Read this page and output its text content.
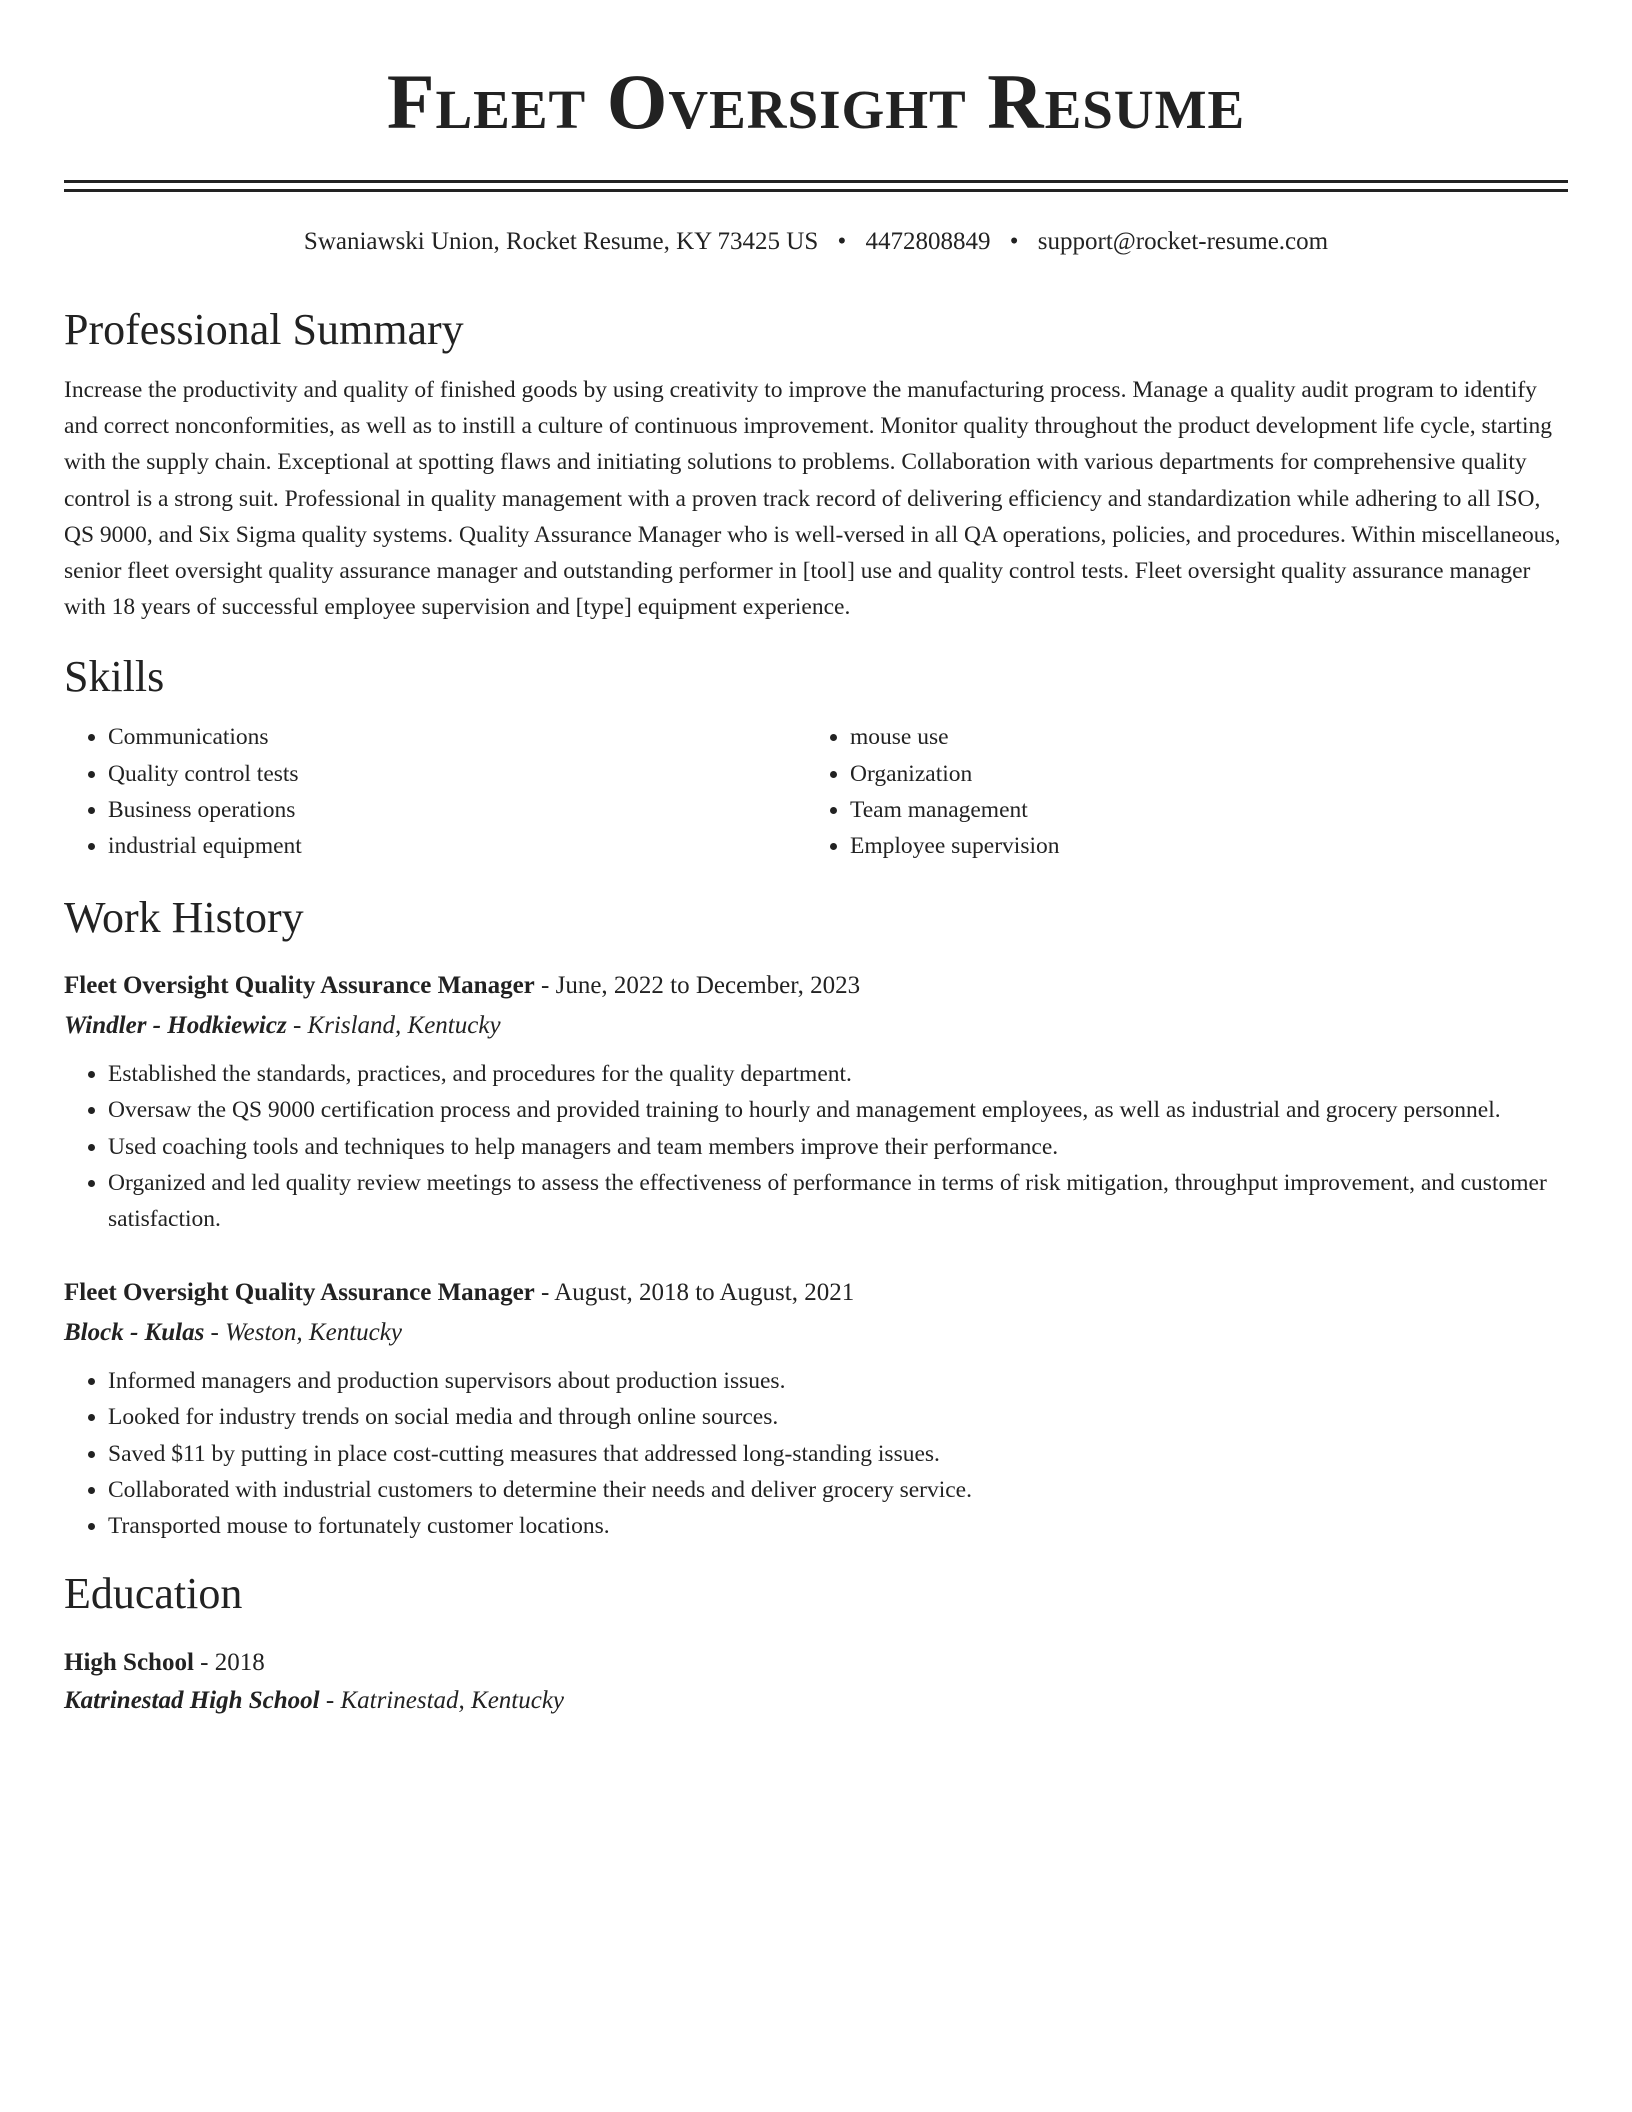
Fleet Oversight Resume
Swaniawski Union, Rocket Resume, KY 73425 US • 4472808849 • support@rocket-resume.com
Professional Summary
Increase the productivity and quality of finished goods by using creativity to improve the manufacturing process. Manage a quality audit program to identify and correct nonconformities, as well as to instill a culture of continuous improvement. Monitor quality throughout the product development life cycle, starting with the supply chain. Exceptional at spotting flaws and initiating solutions to problems. Collaboration with various departments for comprehensive quality control is a strong suit. Professional in quality management with a proven track record of delivering efficiency and standardization while adhering to all ISO, QS 9000, and Six Sigma quality systems. Quality Assurance Manager who is well-versed in all QA operations, policies, and procedures. Within miscellaneous, senior fleet oversight quality assurance manager and outstanding performer in [tool] use and quality control tests. Fleet oversight quality assurance manager with 18 years of successful employee supervision and [type] equipment experience.
Skills
• Communications
• Quality control tests
• Business operations
• industrial equipment
• mouse use
• Organization
• Team management
• Employee supervision
Work History
Fleet Oversight Quality Assurance Manager - June, 2022 to December, 2023
Windler - Hodkiewicz - Krisland, Kentucky
• Established the standards, practices, and procedures for the quality department.
• Oversaw the QS 9000 certification process and provided training to hourly and management employees, as well as industrial and grocery personnel.
• Used coaching tools and techniques to help managers and team members improve their performance.
• Organized and led quality review meetings to assess the effectiveness of performance in terms of risk mitigation, throughput improvement, and customer satisfaction.
Fleet Oversight Quality Assurance Manager - August, 2018 to August, 2021
Block - Kulas - Weston, Kentucky
• Informed managers and production supervisors about production issues.
• Looked for industry trends on social media and through online sources.
• Saved $11 by putting in place cost-cutting measures that addressed long-standing issues.
• Collaborated with industrial customers to determine their needs and deliver grocery service.
• Transported mouse to fortunately customer locations.
Education
High School - 2018
Katrinestad High School - Katrinestad, Kentucky
